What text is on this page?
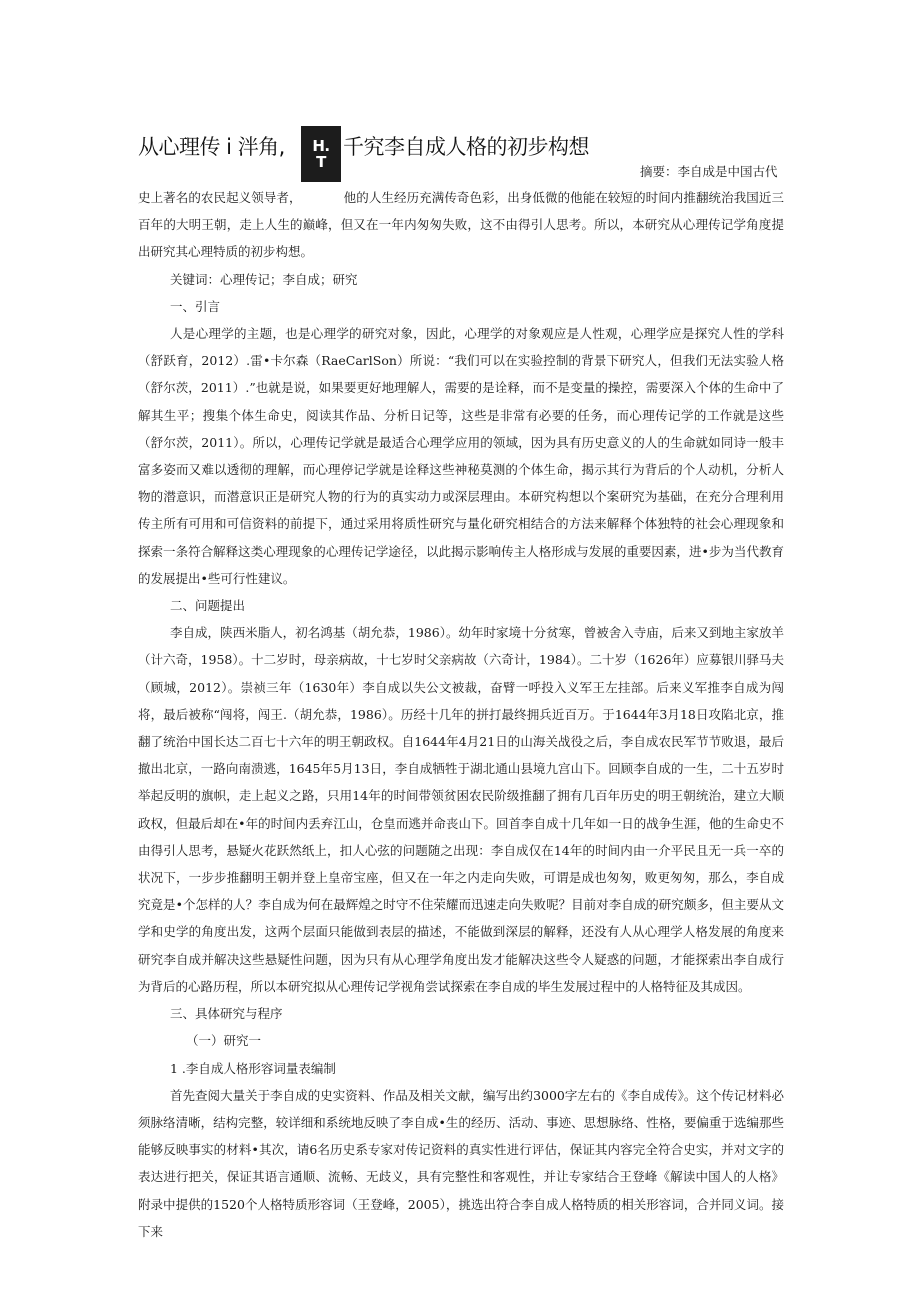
从心理传 i 泮角, H.
T
千究李自成人格的初步构想
摘要：李自成是中国古代

史上著名的农民起义领导者，	他的人生经历充满传奇色彩，出身低微的他能在较短的时间内推翻统治我国近三百年的大明王朝，走上人生的巅峰，但又在一年内匆匆失败，这不由得引人思考。所以，本研究从心理传记学角度提出研究其心理特质的初步构想。

关键词：心理传记；李自成；研究

一、引言

人是心理学的主题，也是心理学的研究对象，因此，心理学的对象观应是人性观，心理学应是探究人性的学科（舒跃育，2012）.雷•卡尔森（RaeCarlSon）所说：“我们可以在实验控制的背景下研究人，但我们无法实验人格（舒尔茨，2011）.”也就是说，如果要更好地理解人，需要的是诠释，而不是变量的操控，需要深入个体的生命中了解其生平；搜集个体生命史，阅读其作品、分析日记等，这些是非常有必要的任务，而心理传记学的工作就是这些（舒尔茨，2011）。所以，心理传记学就是最适合心理学应用的领域，因为具有历史意义的人的生命就如同诗一般丰富多姿而又难以透彻的理解，而心理停记学就是诠释这些神秘莫测的个体生命，揭示其行为背后的个人动机，分析人物的潜意识，而潜意识正是研究人物的行为的真实动力或深层理由。本研究构想以个案研究为基础，在充分合理利用传主所有可用和可信资料的前提下，通过采用将质性研究与量化研究相结合的方法来解释个体独特的社会心理现象和探索一条符合解释这类心理现象的心理传记学途径，以此揭示影响传主人格形成与发展的重要因素，进•步为当代教育的发展提出•些可行性建议。

二、问题提出

李自成，陕西米脂人，初名鸿基（胡允恭，1986）。幼年时家境十分贫寒，曾被舍入寺庙，后来又到地主家放羊（计六奇，1958）。十二岁时，母亲病故，十七岁时父亲病故（六奇计，1984）。二十岁（1626年）应募银川驿马夫（顾城，2012）。崇祯三年（1630年）李自成以失公文被裁，奋臂一呼投入义军王左挂部。后来义军推李自成为闯将，最后被称“闯将，闯王.（胡允恭，1986）。历经十几年的拼打最终拥兵近百万。于1644年3月18日攻陷北京，推翻了统治中国长达二百七十六年的明王朝政权。自1644年4月21日的山海关战役之后，李自成农民军节节败退，最后撤出北京，一路向南溃逃，1645年5月13日，李自成牺牲于湖北通山县境九宫山下。回顾李自成的一生，二十五岁时举起反明的旗帜，走上起义之路，只用14年的时间带领贫困农民阶级推翻了拥有几百年历史的明王朝统治，建立大顺政权，但最后却在•年的时间内丢弃江山，仓皇而逃并命丧山下。回首李自成十几年如一日的战争生涯，他的生命史不由得引人思考，悬疑火花跃然纸上，扣人心弦的问题随之出现：李自成仅在14年的时间内由一介平民且无一兵一卒的状况下，一步步推翻明王朝并登上皇帝宝座，但又在一年之内走向失败，可谓是成也匆匆，败更匆匆，那么，李自成究竟是•个怎样的人？李自成为何在最辉煌之时守不住荣耀而迅速走向失败呢？目前对李自成的研究颇多，但主要从文学和史学的角度出发，这两个层面只能做到表层的描述，不能做到深层的解释，还没有人从心理学人格发展的角度来研究李自成并解决这些悬疑性问题，因为只有从心理学角度出发才能解决这些令人疑惑的问题，才能探索出李自成行为背后的心路历程，所以本研究拟从心理传记学视角尝试探索在李自成的毕生发展过程中的人格特征及其成因。

三、具体研究与程序

（一）研究一

1 .李自成人格形容词量表编制

首先查阅大量关于李自成的史实资料、作品及相关文献，编写出约3000字左右的《李自成传》。这个传记材料必须脉络清晰，结构完整，较详细和系统地反映了李自成•生的经历、活动、事迹、思想脉络、性格，要偏重于选编那些能够反映事实的材料•其次，请6名历史系专家对传记资料的真实性进行评估，保证其内容完全符合史实，并对文字的表达进行把关，保证其语言通顺、流畅、无歧义，具有完整性和客观性，并让专家结合王登峰《解读中国人的人格》附录中提供的1520个人格特质形容词（王登峰，2005），挑选出符合李自成人格特质的相关形容词，合并同义词。接下来
